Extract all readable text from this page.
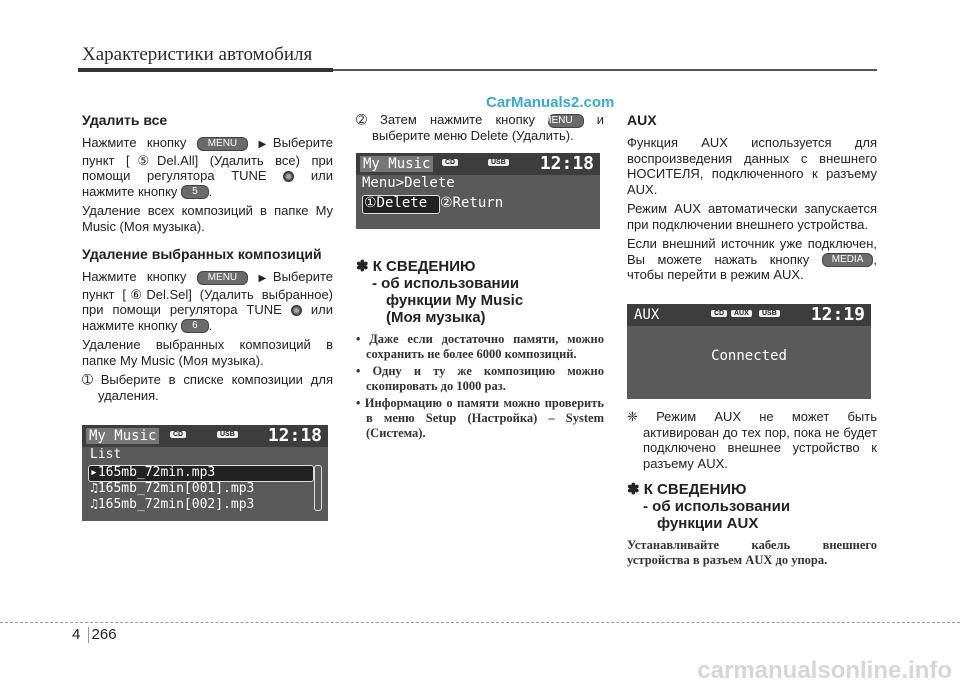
Характеристики автомобиля
CarManuals2.com
Удалить все

Нажмите кнопку MENU ▶Выберите пункт [⑤Del.All] (Удалить все) при помощи регулятора TUNE	или нажмите кнопку 5 .

Удаление всех композиций в папке My Music (Моя музыка).

Удаление выбранных композиций

Нажмите кнопку MENU ▶Выберите пункт [⑥Del.Sel] (Удалить выбранное) при помощи регулятора TUNE или нажмите кнопку 6 .

Удаление выбранных композиций в папке My Music (Моя музыка).

➀ Выберите в списке композиции для удаления.

My Music	CD	USB 12:18
List
▸165mb_72min.mp3
♫165mb_72min[001].mp3
♫165mb_72min[002].mp3

➁ Затем нажмите кнопку MENU и выберите меню Delete (Удалить).

My Music	CD	USB 12:18
Menu>Delete
①Delete ②Return
✽ К СВЕДЕНИЮ
- об использовании
функции My Music
(Моя музыка)
• Даже если достаточно памяти, можно сохранить не более 6000 композиций.
• Одну и ту же композицию можно скопировать до 1000 раз.
• Информацию о памяти можно проверить в меню Setup (Настройка) – System (Система).
AUX

Функция AUX используется для воспроизведения данных с внешнего НОСИТЕЛЯ, подключенного к разъему AUX.

Режим AUX автоматически запускается при подключении внешнего устройства.

Если внешний источник уже подключен, Вы можете нажать кнопку MEDIA , чтобы перейти в режим AUX.

AUX	CD	AUX	USB 12:19
Connected

❈ Режим AUX не может быть активирован до тех пор, пока не будет подключено внешнее устройство к разъему AUX.

✽ К СВЕДЕНИЮ
- об использовании
функции AUX

Устанавливайте кабель внешнего устройства в разъем AUX до упора.

4 266
carmanualsonline.info
